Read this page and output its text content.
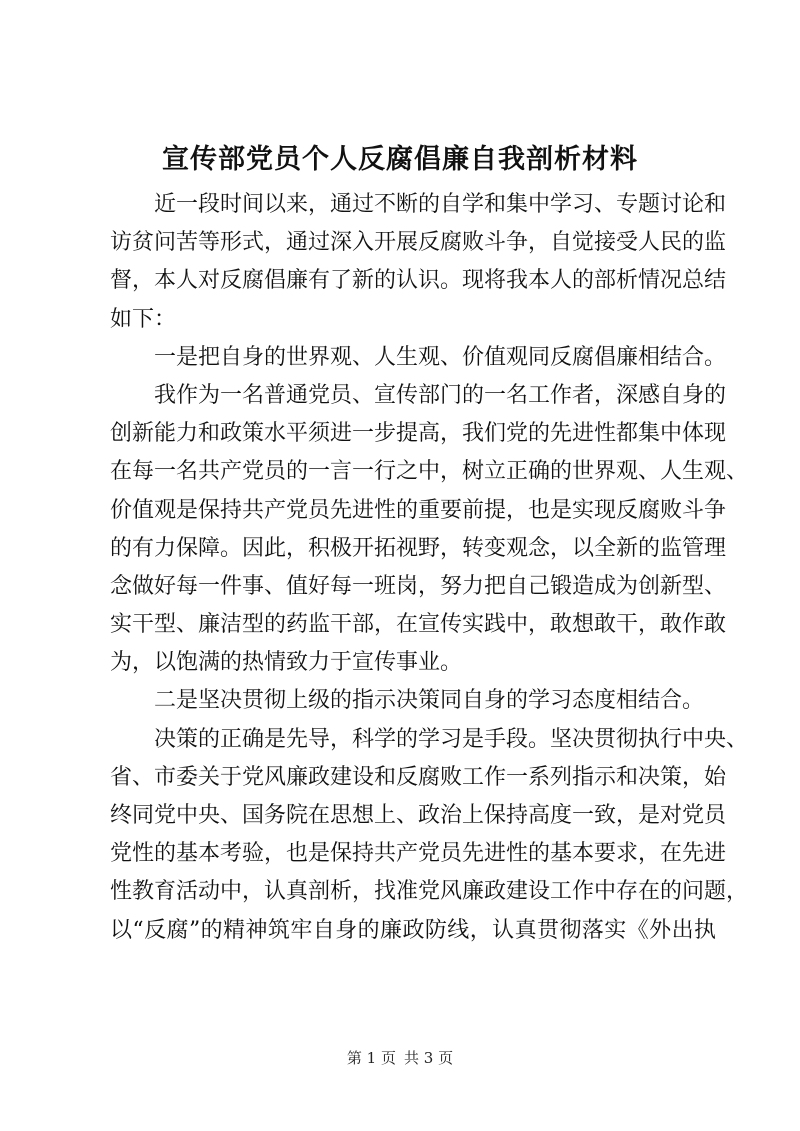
宣传部党员个人反腐倡廉自我剖析材料
近一段时间以来，通过不断的自学和集中学习、专题讨论和
访贫问苦等形式，通过深入开展反腐败斗争，自觉接受人民的监
督，本人对反腐倡廉有了新的认识。现将我本人的部析情况总结
如下：
一是把自身的世界观、人生观、价值观同反腐倡廉相结合。
我作为一名普通党员、宣传部门的一名工作者，深感自身的
创新能力和政策水平须进一步提高，我们党的先进性都集中体现
在每一名共产党员的一言一行之中，树立正确的世界观、人生观、
价值观是保持共产党员先进性的重要前提，也是实现反腐败斗争
的有力保障。因此，积极开拓视野，转变观念，以全新的监管理
念做好每一件事、值好每一班岗，努力把自己锻造成为创新型、
实干型、廉洁型的药监干部，在宣传实践中，敢想敢干，敢作敢
为，以饱满的热情致力于宣传事业。
二是坚决贯彻上级的指示决策同自身的学习态度相结合。
决策的正确是先导，科学的学习是手段。坚决贯彻执行中央、
省、市委关于党风廉政建设和反腐败工作一系列指示和决策，始
终同党中央、国务院在思想上、政治上保持高度一致，是对党员
党性的基本考验，也是保持共产党员先进性的基本要求，在先进
性教育活动中，认真剖析，找准党风廉政建设工作中存在的问题，
以“反腐”的精神筑牢自身的廉政防线，认真贯彻落实《外出执
第 1 页 共 3 页
